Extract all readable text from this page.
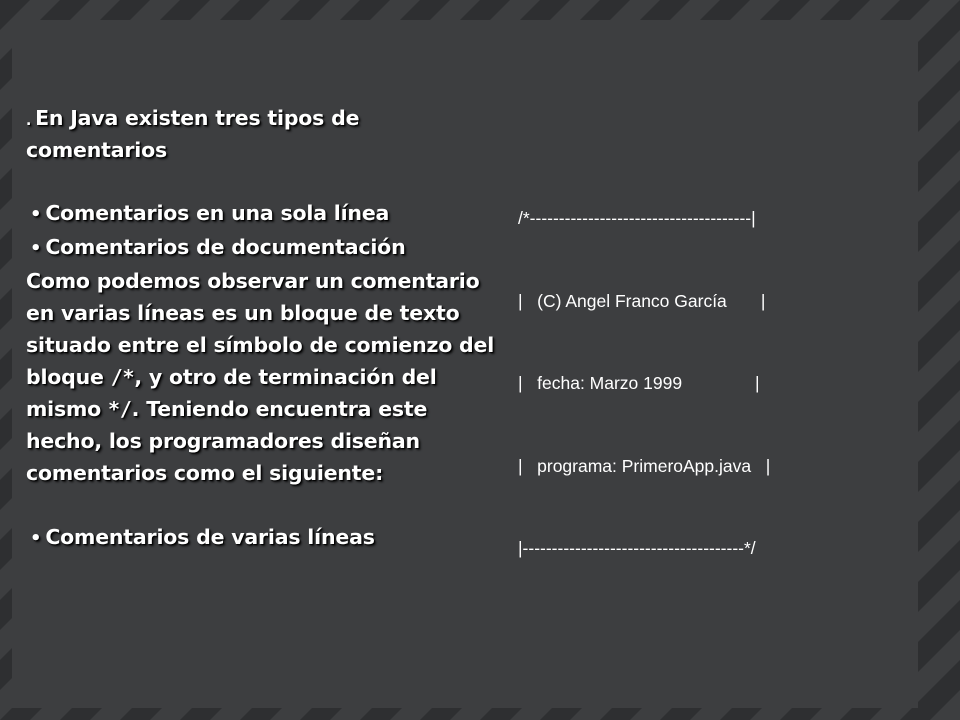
. En Java existen tres tipos de comentarios

• Comentarios en una sola línea

• Comentarios de documentación

Como podemos observar un comentario en varias líneas es un bloque de texto situado entre el símbolo de comienzo del bloque /*, y otro de terminación del mismo */. Teniendo encuentra este hecho, los programadores diseñan comentarios como el siguiente:

• Comentarios de varias líneas

/*--------------------------------------|

|   (C) Angel Franco García       |

|   fecha: Marzo 1999               |

|   programa: PrimeroApp.java   |

|--------------------------------------*/
